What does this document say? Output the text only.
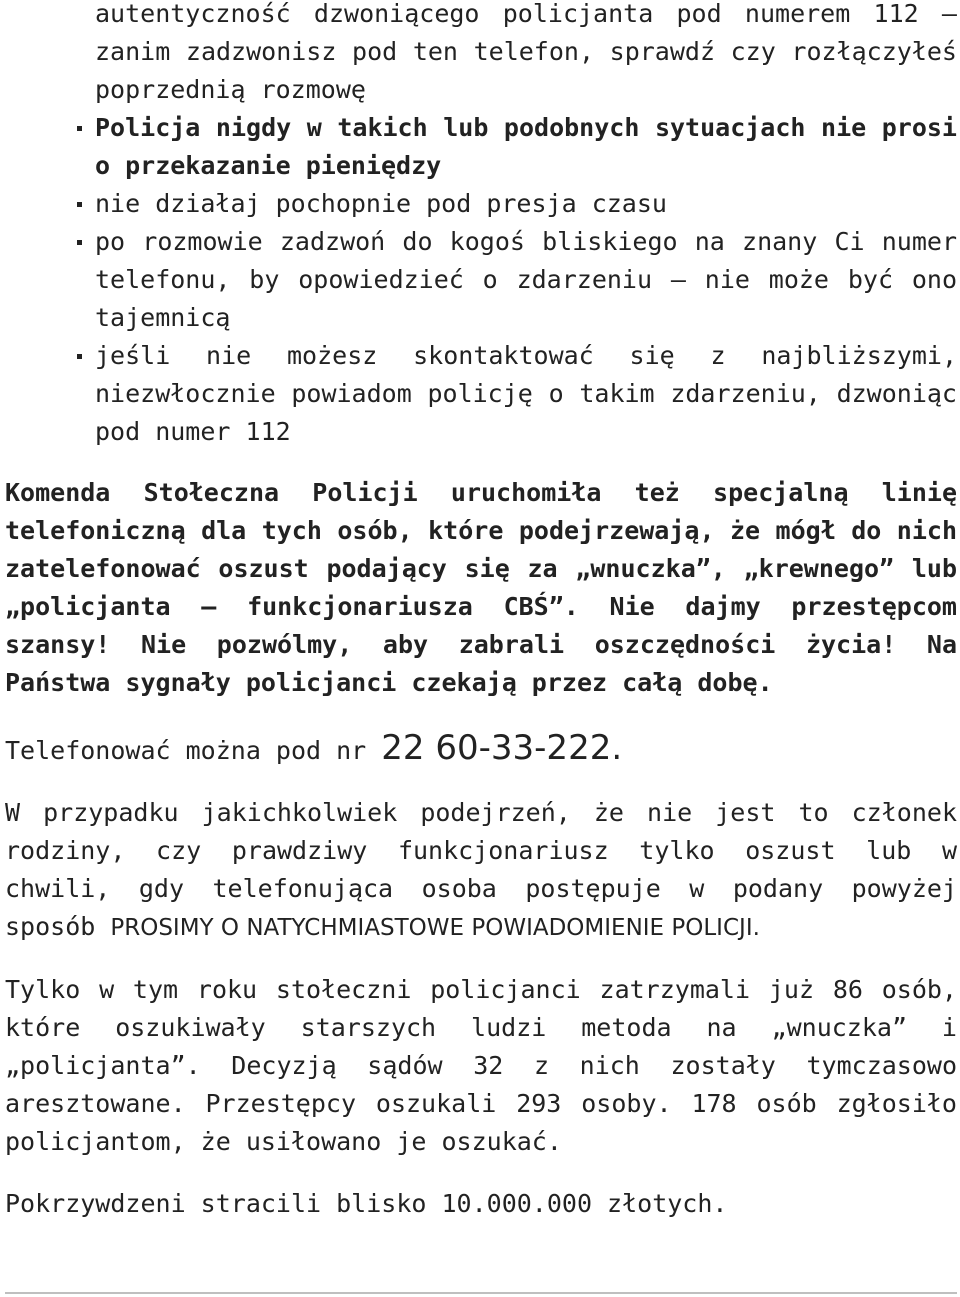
autentyczność dzwoniącego policjanta pod numerem 112 – zanim zadzwonisz pod ten telefon, sprawdź czy rozłączyłeś poprzednią rozmowę
Policja nigdy w takich lub podobnych sytuacjach nie prosi o przekazanie pieniędzy
nie działaj pochopnie pod presja czasu
po rozmowie zadzwoń do kogoś bliskiego na znany Ci numer telefonu, by opowiedzieć o zdarzeniu – nie może być ono tajemnicą
jeśli nie możesz skontaktować się z najbliższymi, niezwłocznie powiadom policję o takim zdarzeniu, dzwoniąc pod numer 112

Komenda Stołeczna Policji uruchomiła też specjalną linię telefoniczną dla tych osób, które podejrzewają, że mógł do nich zatelefonować oszust podający się za „wnuczka”, „krewnego” lub „policjanta – funkcjonariusza CBŚ”. Nie dajmy przestępcom szansy! Nie pozwólmy, aby zabrali oszczędności życia! Na Państwa sygnały policjanci czekają przez całą dobę.

Telefonować można pod nr 22 60-33-222.

W przypadku jakichkolwiek podejrzeń, że nie jest to członek rodziny, czy prawdziwy funkcjonariusz tylko oszust lub w chwili, gdy telefonująca osoba postępuje w podany powyżej sposób PROSIMY O NATYCHMIASTOWE POWIADOMIENIE POLICJI.

Tylko w tym roku stołeczni policjanci zatrzymali już 86 osób, które oszukiwały starszych ludzi metoda na „wnuczka” i „policjanta”. Decyzją sądów 32 z nich zostały tymczasowo aresztowane. Przestępcy oszukali 293 osoby. 178 osób zgłosiło policjantom, że usiłowano je oszukać.

Pokrzywdzeni stracili blisko 10.000.000 złotych.
